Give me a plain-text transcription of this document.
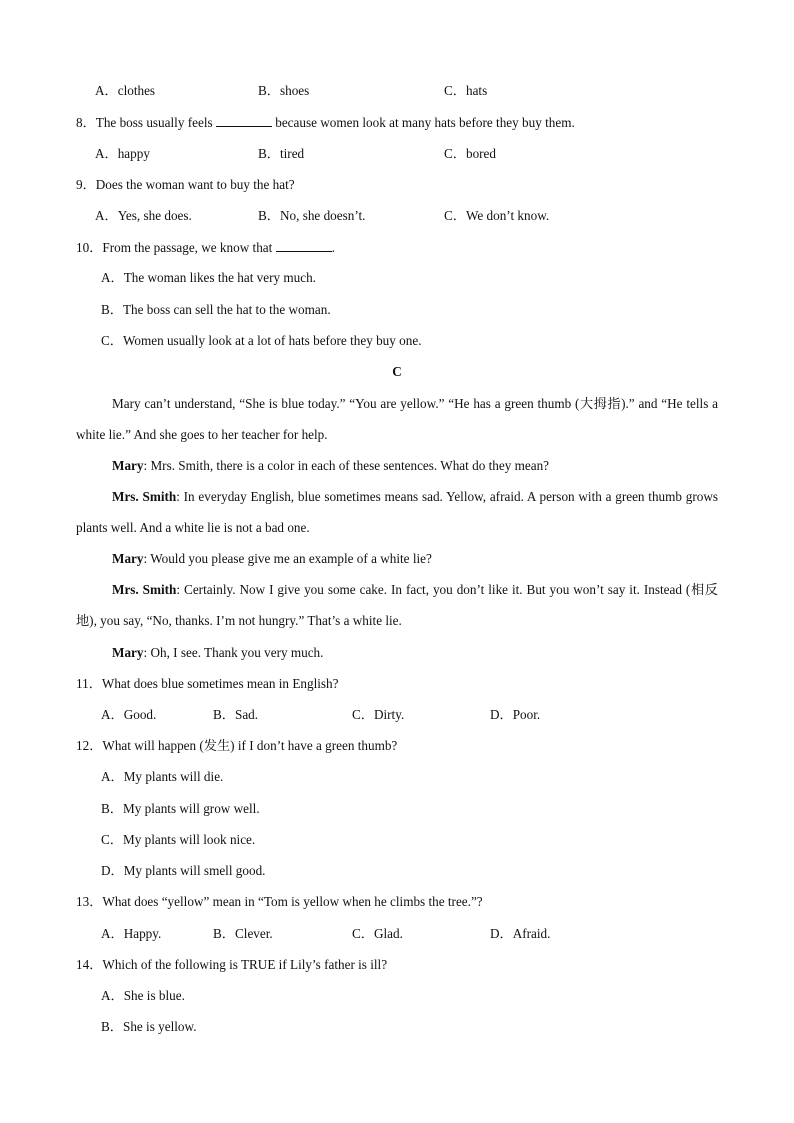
A．clothes	B．shoes	C．hats
8．The boss usually feels	because women look at many hats before they buy them.
A．happy	B．tired	C．bored
9．Does the woman want to buy the hat?
A．Yes, she does.	B．No, she doesn’t.	C．We don’t know.
10．From the passage, we know that	.
A．The woman likes the hat very much.
B．The boss can sell the hat to the woman.
C．Women usually look at a lot of hats before they buy one.
C
Mary can’t understand, “She is blue today.” “You are yellow.” “He has a green thumb (大拇指).” and “He tells a white lie.” And she goes to her teacher for help.
Mary: Mrs. Smith, there is a color in each of these sentences. What do they mean?
Mrs. Smith: In everyday English, blue sometimes means sad. Yellow, afraid. A person with a green thumb grows plants well. And a white lie is not a bad one.
Mary: Would you please give me an example of a white lie?
Mrs. Smith: Certainly. Now I give you some cake. In fact, you don’t like it. But you won’t say it. Instead (相反地), you say, “No, thanks. I’m not hungry.” That’s a white lie.
Mary: Oh, I see. Thank you very much.
11．What does blue sometimes mean in English?
A．Good.	B．Sad.	C．Dirty.	D．Poor.
12．What will happen (发生) if I don’t have a green thumb?
A．My plants will die.
B．My plants will grow well.
C．My plants will look nice.
D．My plants will smell good.
13．What does “yellow” mean in “Tom is yellow when he climbs the tree.”?
A．Happy.	B．Clever.	C．Glad.	D．Afraid.
14．Which of the following is TRUE if Lily’s father is ill?
A．She is blue.
B．She is yellow.
